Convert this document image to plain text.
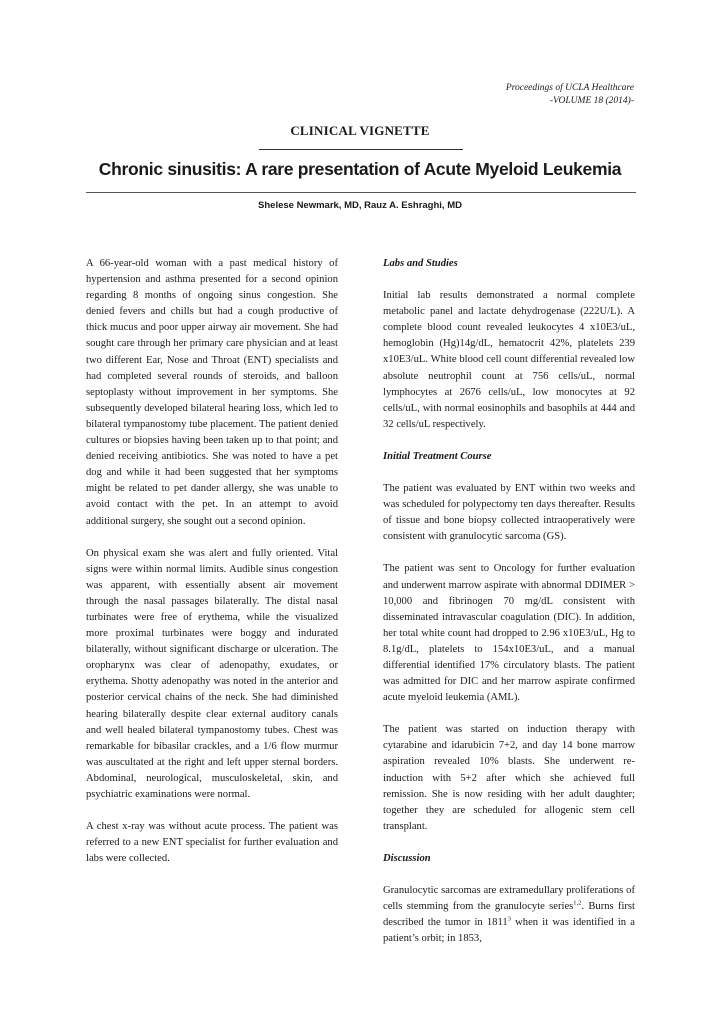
Proceedings of UCLA Healthcare
-VOLUME 18 (2014)-
CLINICAL VIGNETTE
Chronic sinusitis: A rare presentation of Acute Myeloid Leukemia
Shelese Newmark, MD, Rauz A. Eshraghi, MD

A 66-year-old woman with a past medical history of hypertension and asthma presented for a second opinion regarding 8 months of ongoing sinus congestion. She denied fevers and chills but had a cough productive of thick mucus and poor upper airway air movement. She had sought care through her primary care physician and at least two different Ear, Nose and Throat (ENT) specialists and had completed several rounds of steroids, and balloon septoplasty without improvement in her symptoms. She subsequently developed bilateral hearing loss, which led to bilateral tympanostomy tube placement. The patient denied cultures or biopsies having been taken up to that point; and denied receiving antibiotics. She was noted to have a pet dog and while it had been suggested that her symptoms might be related to pet dander allergy, she was unable to avoid contact with the pet. In an attempt to avoid additional surgery, she sought out a second opinion.

On physical exam she was alert and fully oriented. Vital signs were within normal limits. Audible sinus congestion was apparent, with essentially absent air movement through the nasal passages bilaterally. The distal nasal turbinates were free of erythema, while the visualized more proximal turbinates were boggy and indurated bilaterally, without significant discharge or ulceration. The oropharynx was clear of adenopathy, exudates, or erythema. Shotty adenopathy was noted in the anterior and posterior cervical chains of the neck. She had diminished hearing bilaterally despite clear external auditory canals and well healed bilateral tympanostomy tubes. Chest was remarkable for bibasilar crackles, and a 1/6 flow murmur was auscultated at the right and left upper sternal borders. Abdominal, neurological, musculoskeletal, skin, and psychiatric examinations were normal.

A chest x-ray was without acute process. The patient was referred to a new ENT specialist for further evaluation and labs were collected.

Labs and Studies

Initial lab results demonstrated a normal complete metabolic panel and lactate dehydrogenase (222U/L). A complete blood count revealed leukocytes 4 x10E3/uL, hemoglobin (Hg)14g/dL, hematocrit 42%, platelets 239 x10E3/uL. White blood cell count differential revealed low absolute neutrophil count at 756 cells/uL, normal lymphocytes at 2676 cells/uL, low monocytes at 92 cells/uL, with normal eosinophils and basophils at 444 and 32 cells/uL respectively.

Initial Treatment Course

The patient was evaluated by ENT within two weeks and was scheduled for polypectomy ten days thereafter. Results of tissue and bone biopsy collected intraoperatively were consistent with granulocytic sarcoma (GS).

The patient was sent to Oncology for further evaluation and underwent marrow aspirate with abnormal DDIMER > 10,000 and fibrinogen 70 mg/dL consistent with disseminated intravascular coagulation (DIC). In addition, her total white count had dropped to 2.96 x10E3/uL, Hg to 8.1g/dL, platelets to 154x10E3/uL, and a manual differential identified 17% circulatory blasts. The patient was admitted for DIC and her marrow aspirate confirmed acute myeloid leukemia (AML).

The patient was started on induction therapy with cytarabine and idarubicin 7+2, and day 14 bone marrow aspiration revealed 10% blasts. She underwent re-induction with 5+2 after which she achieved full remission. She is now residing with her adult daughter; together they are scheduled for allogenic stem cell transplant.

Discussion

Granulocytic sarcomas are extramedullary proliferations of cells stemming from the granulocyte series$^{1,2}$. Burns first described the tumor in 1811$^3$ when it was identified in a patient’s orbit; in 1853,
